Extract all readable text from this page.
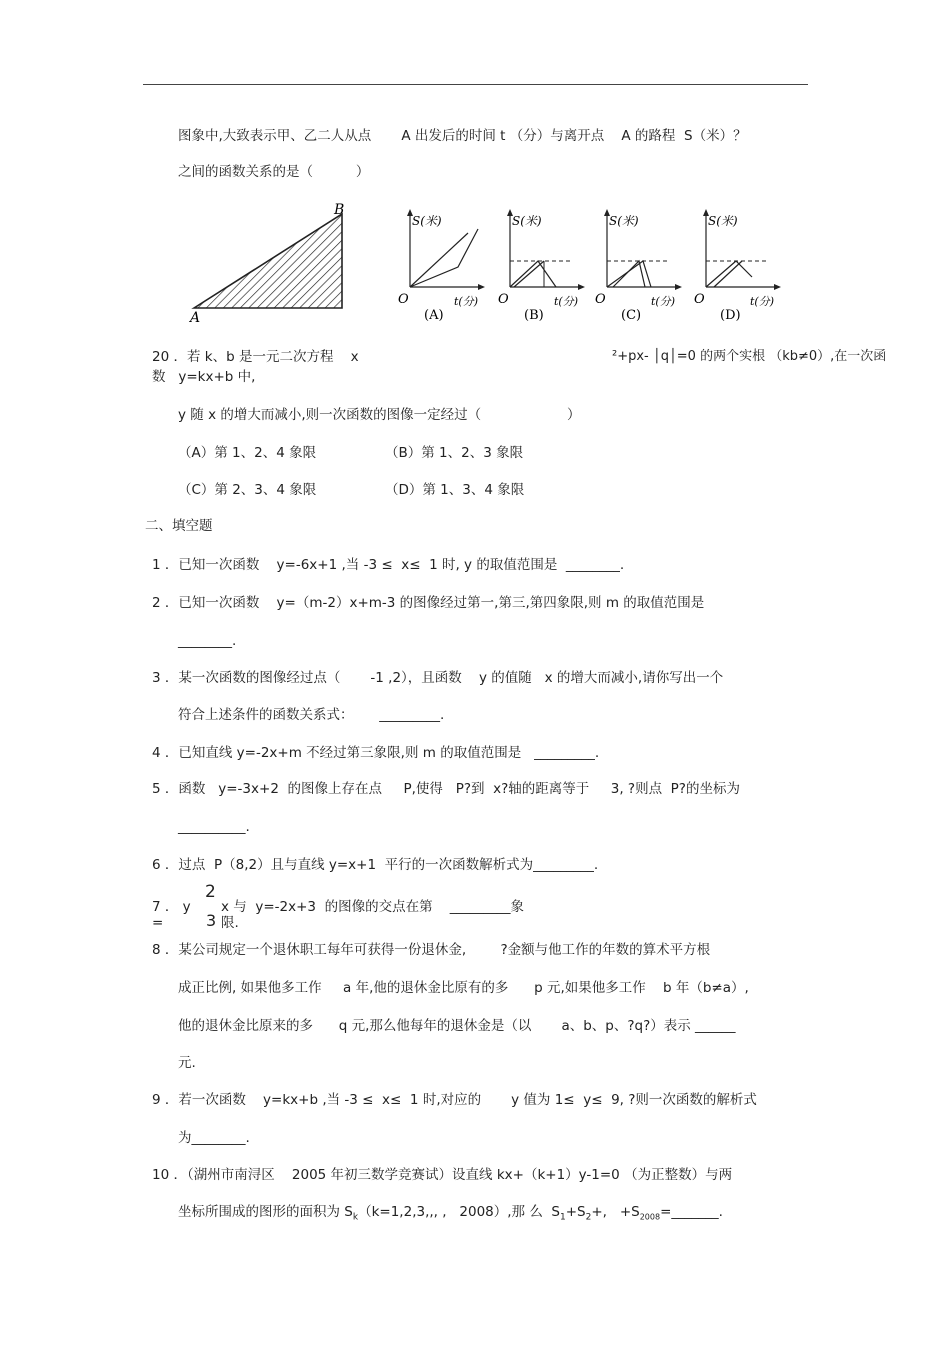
图象中,大致表示甲、乙二人从点       A 出发后的时间 t （分）与离开点    A 的路程  S（米）？
之间的函数关系的是（          ）
A
B
S(米)
O	t(分)
(A)
S(米)
O	t(分)
(B)
S(米)
O	t(分)
(C)
S(米)
O	t(分)
(D)
20 ．若 k、b 是一元二次方程    x	²+px- │q│=0 的两个实根 （kb≠0）,在一次函
数   y=kx+b 中,
y 随 x 的增大而减小,则一次函数的图像一定经过（                    ）
（A）第 1、2、4 象限	（B）第 1、2、3 象限
（C）第 2、3、4 象限	（D）第 1、3、4 象限
二、填空题
1 ．已知一次函数    y=-6x+1 ,当 -3 ≤  x≤  1 时, y 的取值范围是  ________.
2 ．已知一次函数    y=（m-2）x+m-3 的图像经过第一,第三,第四象限,则 m 的取值范围是
________.
3 ．某一次函数的图像经过点（       -1 ,2），且函数    y 的值随   x 的增大而减小,请你写出一个
符合上述条件的函数关系式：      _________.
4 ．已知直线 y=-2x+m 不经过第三象限,则 m 的取值范围是   _________.
5 ．函数   y=-3x+2  的图像上存在点     P,使得   P?到  x?轴的距离等于     3, ?则点  P?的坐标为
__________.
6 ．过点  P（8,2）且与直线 y=x+1  平行的一次函数解析式为_________.
7 ． y
=
2
3
x 与  y=-2x+3  的图像的交点在第    _________象
限.
8 ．某公司规定一个退休职工每年可获得一份退休金,        ?金额与他工作的年数的算术平方根
成正比例, 如果他多工作     a 年,他的退休金比原有的多      p 元,如果他多工作    b 年（b≠a）,
他的退休金比原来的多      q 元,那么他每年的退休金是（以       a、b、p、?q?）表示 ______
元.
9 ．若一次函数    y=kx+b ,当 -3 ≤  x≤  1 时,对应的       y 值为 1≤  y≤  9, ?则一次函数的解析式
为________.
10 ．（湖州市南浔区    2005 年初三数学竞赛试）设直线 kx+（k+1）y-1=0 （为正整数）与两
坐标所围成的图形的面积为 $S_k(k=1,2,3$,,, ,   2008）,那 么  $S_1+S_2+$,   $+S_{2008}=\_\_\_\_\_\_\_$.
